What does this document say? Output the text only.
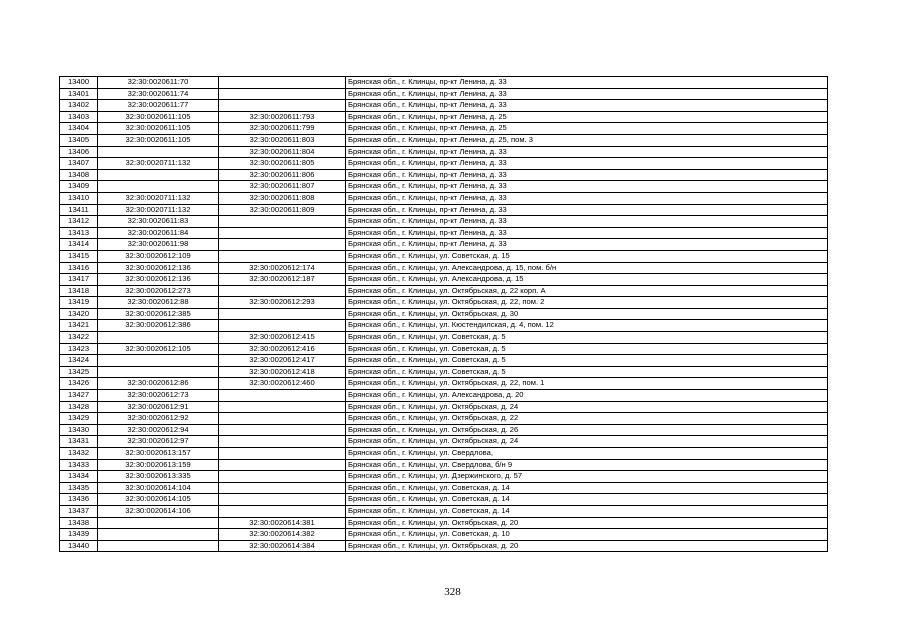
13400	32:30:0020611:70		Брянская обл., г. Клинцы, пр-кт Ленина, д. 33
13401	32:30:0020611:74		Брянская обл., г. Клинцы, пр-кт Ленина, д. 33
13402	32:30:0020611:77		Брянская обл., г. Клинцы, пр-кт Ленина, д. 33
13403	32:30:0020611:105	32:30:0020611:793	Брянская обл., г. Клинцы, пр-кт Ленина, д. 25
13404	32:30:0020611:105	32:30:0020611:799	Брянская обл., г. Клинцы, пр-кт Ленина, д. 25
13405	32:30:0020611:105	32:30:0020611:803	Брянская обл., г. Клинцы, пр-кт Ленина, д. 25, пом. 3
13406		32:30:0020611:804	Брянская обл., г. Клинцы, пр-кт Ленина, д. 33
13407	32:30:0020711:132	32:30:0020611:805	Брянская обл., г. Клинцы, пр-кт Ленина, д. 33
13408		32:30:0020611:806	Брянская обл., г. Клинцы, пр-кт Ленина, д. 33
13409		32:30:0020611:807	Брянская обл., г. Клинцы, пр-кт Ленина, д. 33
13410	32:30:0020711:132	32:30:0020611:808	Брянская обл., г. Клинцы, пр-кт Ленина, д. 33
13411	32:30:0020711:132	32:30:0020611:809	Брянская обл., г. Клинцы, пр-кт Ленина, д. 33
13412	32:30:0020611:83		Брянская обл., г. Клинцы, пр-кт Ленина, д. 33
13413	32:30:0020611:84		Брянская обл., г. Клинцы, пр-кт Ленина, д. 33
13414	32:30:0020611:98		Брянская обл., г. Клинцы, пр-кт Ленина, д. 33
13415	32:30:0020612:109		Брянская обл., г. Клинцы, ул. Советская, д. 15
13416	32:30:0020612:136	32:30:0020612:174	Брянская обл., г. Клинцы, ул. Александрова, д. 15, пом. б/н
13417	32:30:0020612:136	32:30:0020612:187	Брянская обл., г. Клинцы, ул. Александрова, д. 15
13418	32:30:0020612:273		Брянская обл., г. Клинцы, ул. Октябрьская, д. 22 корп. А
13419	32:30:0020612:88	32:30:0020612:293	Брянская обл., г. Клинцы, ул. Октябрьская, д. 22, пом. 2
13420	32:30:0020612:385		Брянская обл., г. Клинцы, ул. Октябрьская, д. 30
13421	32:30:0020612:386		Брянская обл., г. Клинцы, ул. Кюстендилская, д. 4, пом. 12
13422		32:30:0020612:415	Брянская обл., г. Клинцы, ул. Советская, д. 5
13423	32:30:0020612:105	32:30:0020612:416	Брянская обл., г. Клинцы, ул. Советская, д. 5
13424		32:30:0020612:417	Брянская обл., г. Клинцы, ул. Советская, д. 5
13425		32:30:0020612:418	Брянская обл., г. Клинцы, ул. Советская, д. 5
13426	32:30:0020612:86	32:30:0020612:460	Брянская обл., г. Клинцы, ул. Октябрьская, д. 22, пом. 1
13427	32:30:0020612:73		Брянская обл., г. Клинцы, ул. Александрова, д. 20
13428	32:30:0020612:91		Брянская обл., г. Клинцы, ул. Октябрьская, д. 24
13429	32:30:0020612:92		Брянская обл., г. Клинцы, ул. Октябрьская, д. 22
13430	32:30:0020612:94		Брянская обл., г. Клинцы, ул. Октябрьская, д. 26
13431	32:30:0020612:97		Брянская обл., г. Клинцы, ул. Октябрьская, д. 24
13432	32:30:0020613:157		Брянская обл., г. Клинцы, ул. Свердлова,
13433	32:30:0020613:159		Брянская обл., г. Клинцы, ул. Свердлова, б/н 9
13434	32:30:0020613:335		Брянская обл., г. Клинцы, ул. Дзержинского, д. 57
13435	32:30:0020614:104		Брянская обл., г. Клинцы, ул. Советская, д. 14
13436	32:30:0020614:105		Брянская обл., г. Клинцы, ул. Советская, д. 14
13437	32:30:0020614:106		Брянская обл., г. Клинцы, ул. Советская, д. 14
13438		32:30:0020614:381	Брянская обл., г. Клинцы, ул. Октябрьская, д. 20
13439		32:30:0020614:382	Брянская обл., г. Клинцы, ул. Советская, д. 10
13440		32:30:0020614:384	Брянская обл., г. Клинцы, ул. Октябрьская, д. 20
328
